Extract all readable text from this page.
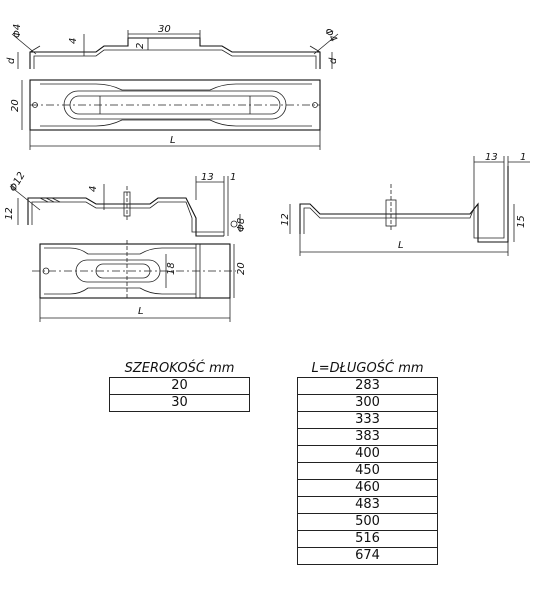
30
2
4
Φ4	Φ4
d	d
20
L
Φ12
12
4
13 1
Φ8
18	20
L
13 1
12	15
L
SZEROKOŚĆ mm
20
30
L=DŁUGOŚĆ mm
283
300
333
383
400
450
460
483
500
516
674
